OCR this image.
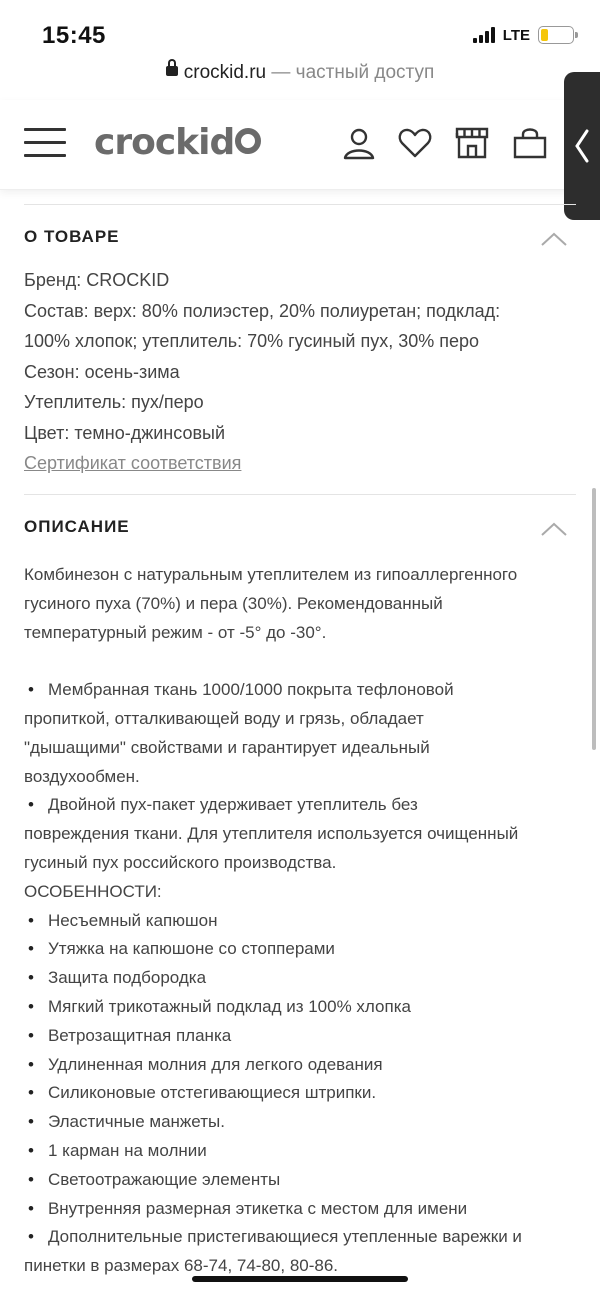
15:45	LTE
crockid.ru — частный доступ
crockid
О ТОВАРЕ
Бренд: CROCKID
Состав: верх: 80% полиэстер, 20% полиуретан; подклад:
100% хлопок; утеплитель: 70% гусиный пух, 30% перо
Сезон: осень-зима
Утеплитель: пух/перо
Цвет: темно-джинсовый
Сертификат соответствия
ОПИСАНИЕ
Комбинезон с натуральным утеплителем из гипоаллергенного
гусиного пуха (70%) и пера (30%). Рекомендованный
температурный режим - от -5° до -30°.
• Мембранная ткань 1000/1000 покрыта тефлоновой
пропиткой, отталкивающей воду и грязь, обладает
"дышащими" свойствами и гарантирует идеальный
воздухообмен.
• Двойной пух-пакет удерживает утеплитель без
повреждения ткани. Для утеплителя используется очищенный
гусиный пух российского производства.
ОСОБЕННОСТИ:
• Несъемный капюшон
• Утяжка на капюшоне со стопперами
• Защита подбородка
• Мягкий трикотажный подклад из 100% хлопка
• Ветрозащитная планка
• Удлиненная молния для легкого одевания
• Силиконовые отстегивающиеся штрипки.
• Эластичные манжеты.
• 1 карман на молнии
• Светоотражающие элементы
• Внутренняя размерная этикетка с местом для имени
• Дополнительные пристегивающиеся утепленные варежки и
пинетки в размерах 68-74, 74-80, 80-86.
